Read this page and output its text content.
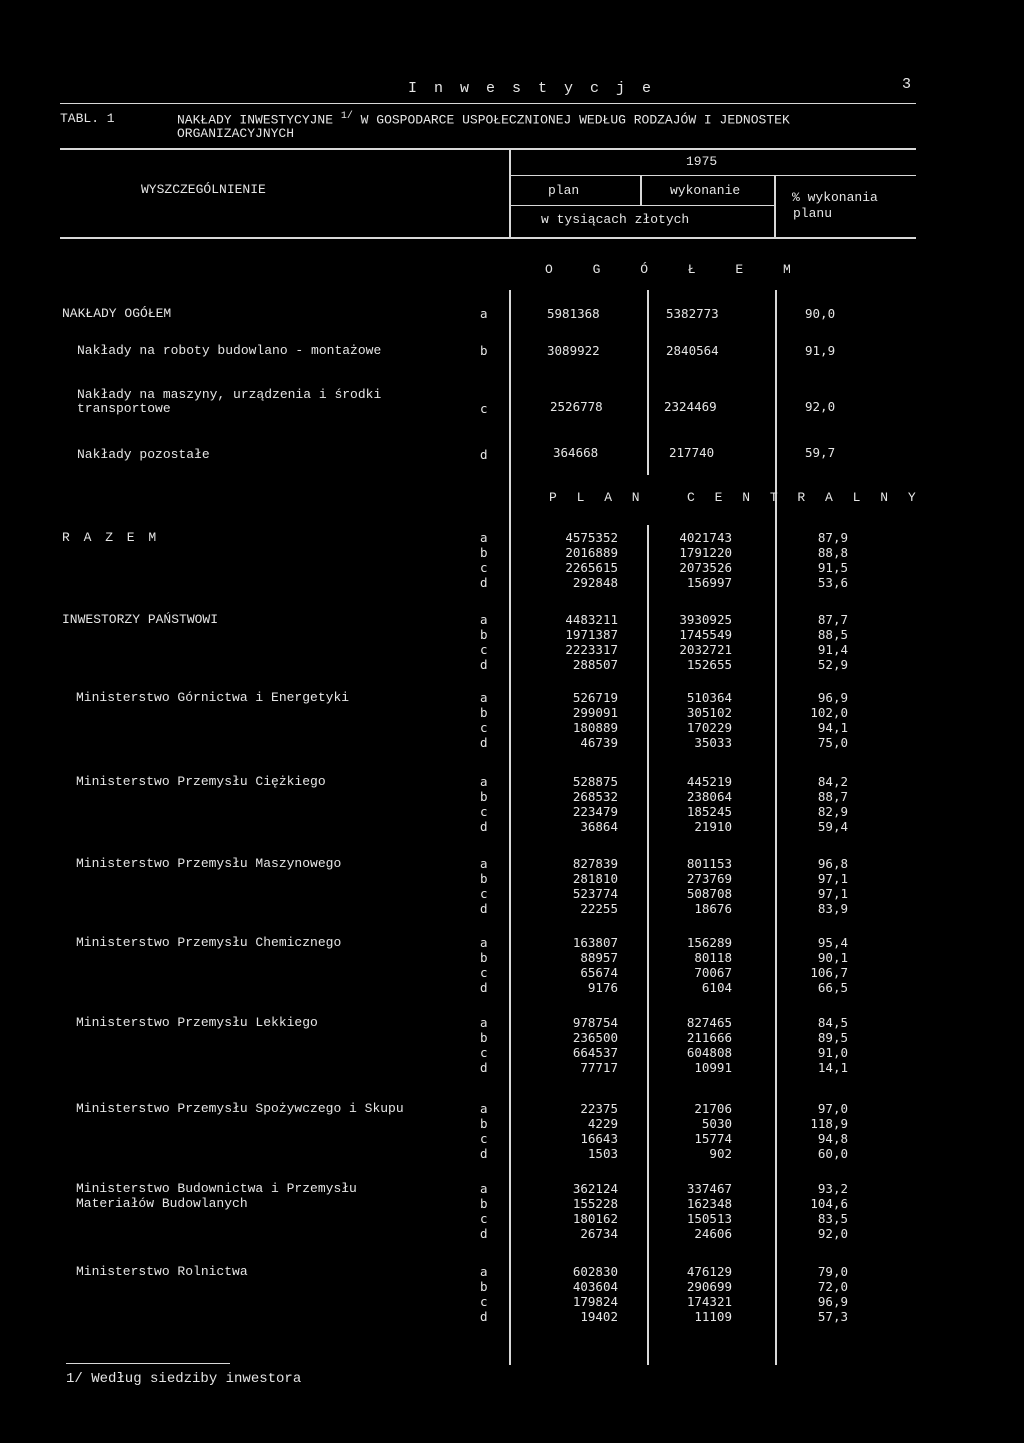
I n w e s t y c j e	3
TABL. 1	NAKŁADY INWESTYCYJNE $^{1/}$ W GOSPODARCE USPOŁECZNIONEJ WEDŁUG RODZAJÓW I JEDNOSTEK
ORGANIZACYJNYCH
WYSZCZEGÓLNIENIE
1975
plan	wykonanie
w tysiącach złotych
% wykonania
planu
O G Ó Ł E M
NAKŁADY OGÓŁEM	a	5981368	5382773	90,0
Nakłady na roboty budowlano - montażowe	b	3089922	2840564	91,9
Nakłady na maszyny, urządzenia i środki
transportowe	c	2526778	2324469	92,0
Nakłady pozostałe	d	364668	217740	59,7
P L A N   C E N T R A L N Y
R A Z E M	a	4575352	4021743	87,9
b	2016889	1791220	88,8
c	2265615	2073526	91,5
d	292848	156997	53,6
INWESTORZY PAŃSTWOWI	a	4483211	3930925	87,7
b	1971387	1745549	88,5
c	2223317	2032721	91,4
d	288507	152655	52,9
Ministerstwo Górnictwa i Energetyki	a	526719	510364	96,9
b	299091	305102	102,0
c	180889	170229	94,1
d	46739	35033	75,0
Ministerstwo Przemysłu Ciężkiego	a	528875	445219	84,2
b	268532	238064	88,7
c	223479	185245	82,9
d	36864	21910	59,4
Ministerstwo Przemysłu Maszynowego	a	827839	801153	96,8
b	281810	273769	97,1
c	523774	508708	97,1
d	22255	18676	83,9
Ministerstwo Przemysłu Chemicznego	a	163807	156289	95,4
b	88957	80118	90,1
c	65674	70067	106,7
d	9176	6104	66,5
Ministerstwo Przemysłu Lekkiego	a	978754	827465	84,5
b	236500	211666	89,5
c	664537	604808	91,0
d	77717	10991	14,1
Ministerstwo Przemysłu Spożywczego i Skupu	a	22375	21706	97,0
b	4229	5030	118,9
c	16643	15774	94,8
d	1503	902	60,0
Ministerstwo Budownictwa i Przemysłu
Materiałów Budowlanych
a	362124	337467	93,2
b	155228	162348	104,6
c	180162	150513	83,5
d	26734	24606	92,0
Ministerstwo Rolnictwa	a	602830	476129	79,0
b	403604	290699	72,0
c	179824	174321	96,9
d	19402	11109	57,3
1/ Według siedziby inwestora
